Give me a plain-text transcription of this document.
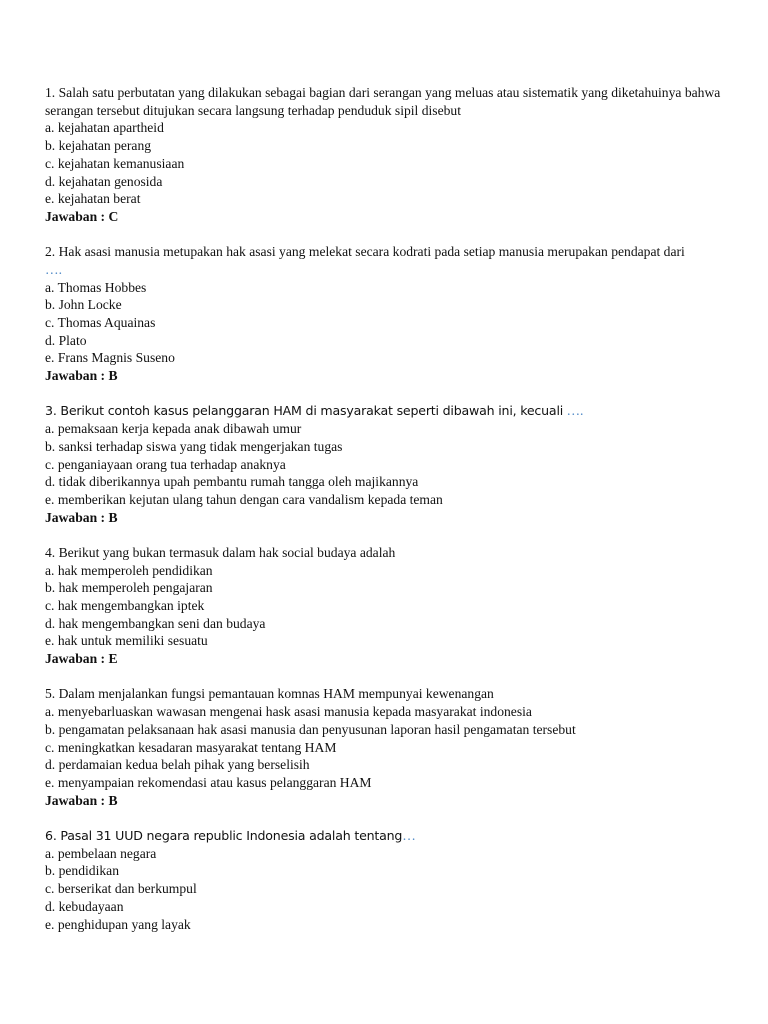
1. Salah satu perbutatan yang dilakukan sebagai bagian dari serangan yang meluas atau sistematik yang diketahuinya bahwa serangan tersebut ditujukan secara langsung terhadap penduduk sipil disebut
a. kejahatan apartheid
b. kejahatan perang
c. kejahatan kemanusiaan
d. kejahatan genosida
e. kejahatan berat
Jawaban : C
2. Hak asasi manusia metupakan hak asasi yang melekat secara kodrati pada setiap manusia merupakan pendapat dari
….
a. Thomas Hobbes
b. John Locke
c. Thomas Aquainas
d. Plato
e. Frans Magnis Suseno
Jawaban : B
3. Berikut contoh kasus pelanggaran HAM di masyarakat seperti dibawah ini, kecuali ….
a. pemaksaan kerja kepada anak dibawah umur
b. sanksi terhadap siswa yang tidak mengerjakan tugas
c. penganiayaan orang tua terhadap anaknya
d. tidak diberikannya upah pembantu rumah tangga oleh majikannya
e. memberikan kejutan ulang tahun dengan cara vandalism kepada teman
Jawaban : B
4. Berikut yang bukan termasuk dalam hak social budaya adalah
a. hak memperoleh pendidikan
b. hak memperoleh pengajaran
c. hak mengembangkan iptek
d. hak mengembangkan seni dan budaya
e. hak untuk memiliki sesuatu
Jawaban : E
5. Dalam menjalankan fungsi pemantauan komnas HAM mempunyai kewenangan
a. menyebarluaskan wawasan mengenai hask asasi manusia kepada masyarakat indonesia
b. pengamatan pelaksanaan hak asasi manusia dan penyusunan laporan hasil pengamatan tersebut
c. meningkatkan kesadaran masyarakat tentang HAM
d. perdamaian kedua belah pihak yang berselisih
e. menyampaian rekomendasi atau kasus pelanggaran HAM
Jawaban : B
6. Pasal 31 UUD negara republic Indonesia adalah tentang…
a. pembelaan negara
b. pendidikan
c. berserikat dan berkumpul
d. kebudayaan
e. penghidupan yang layak
